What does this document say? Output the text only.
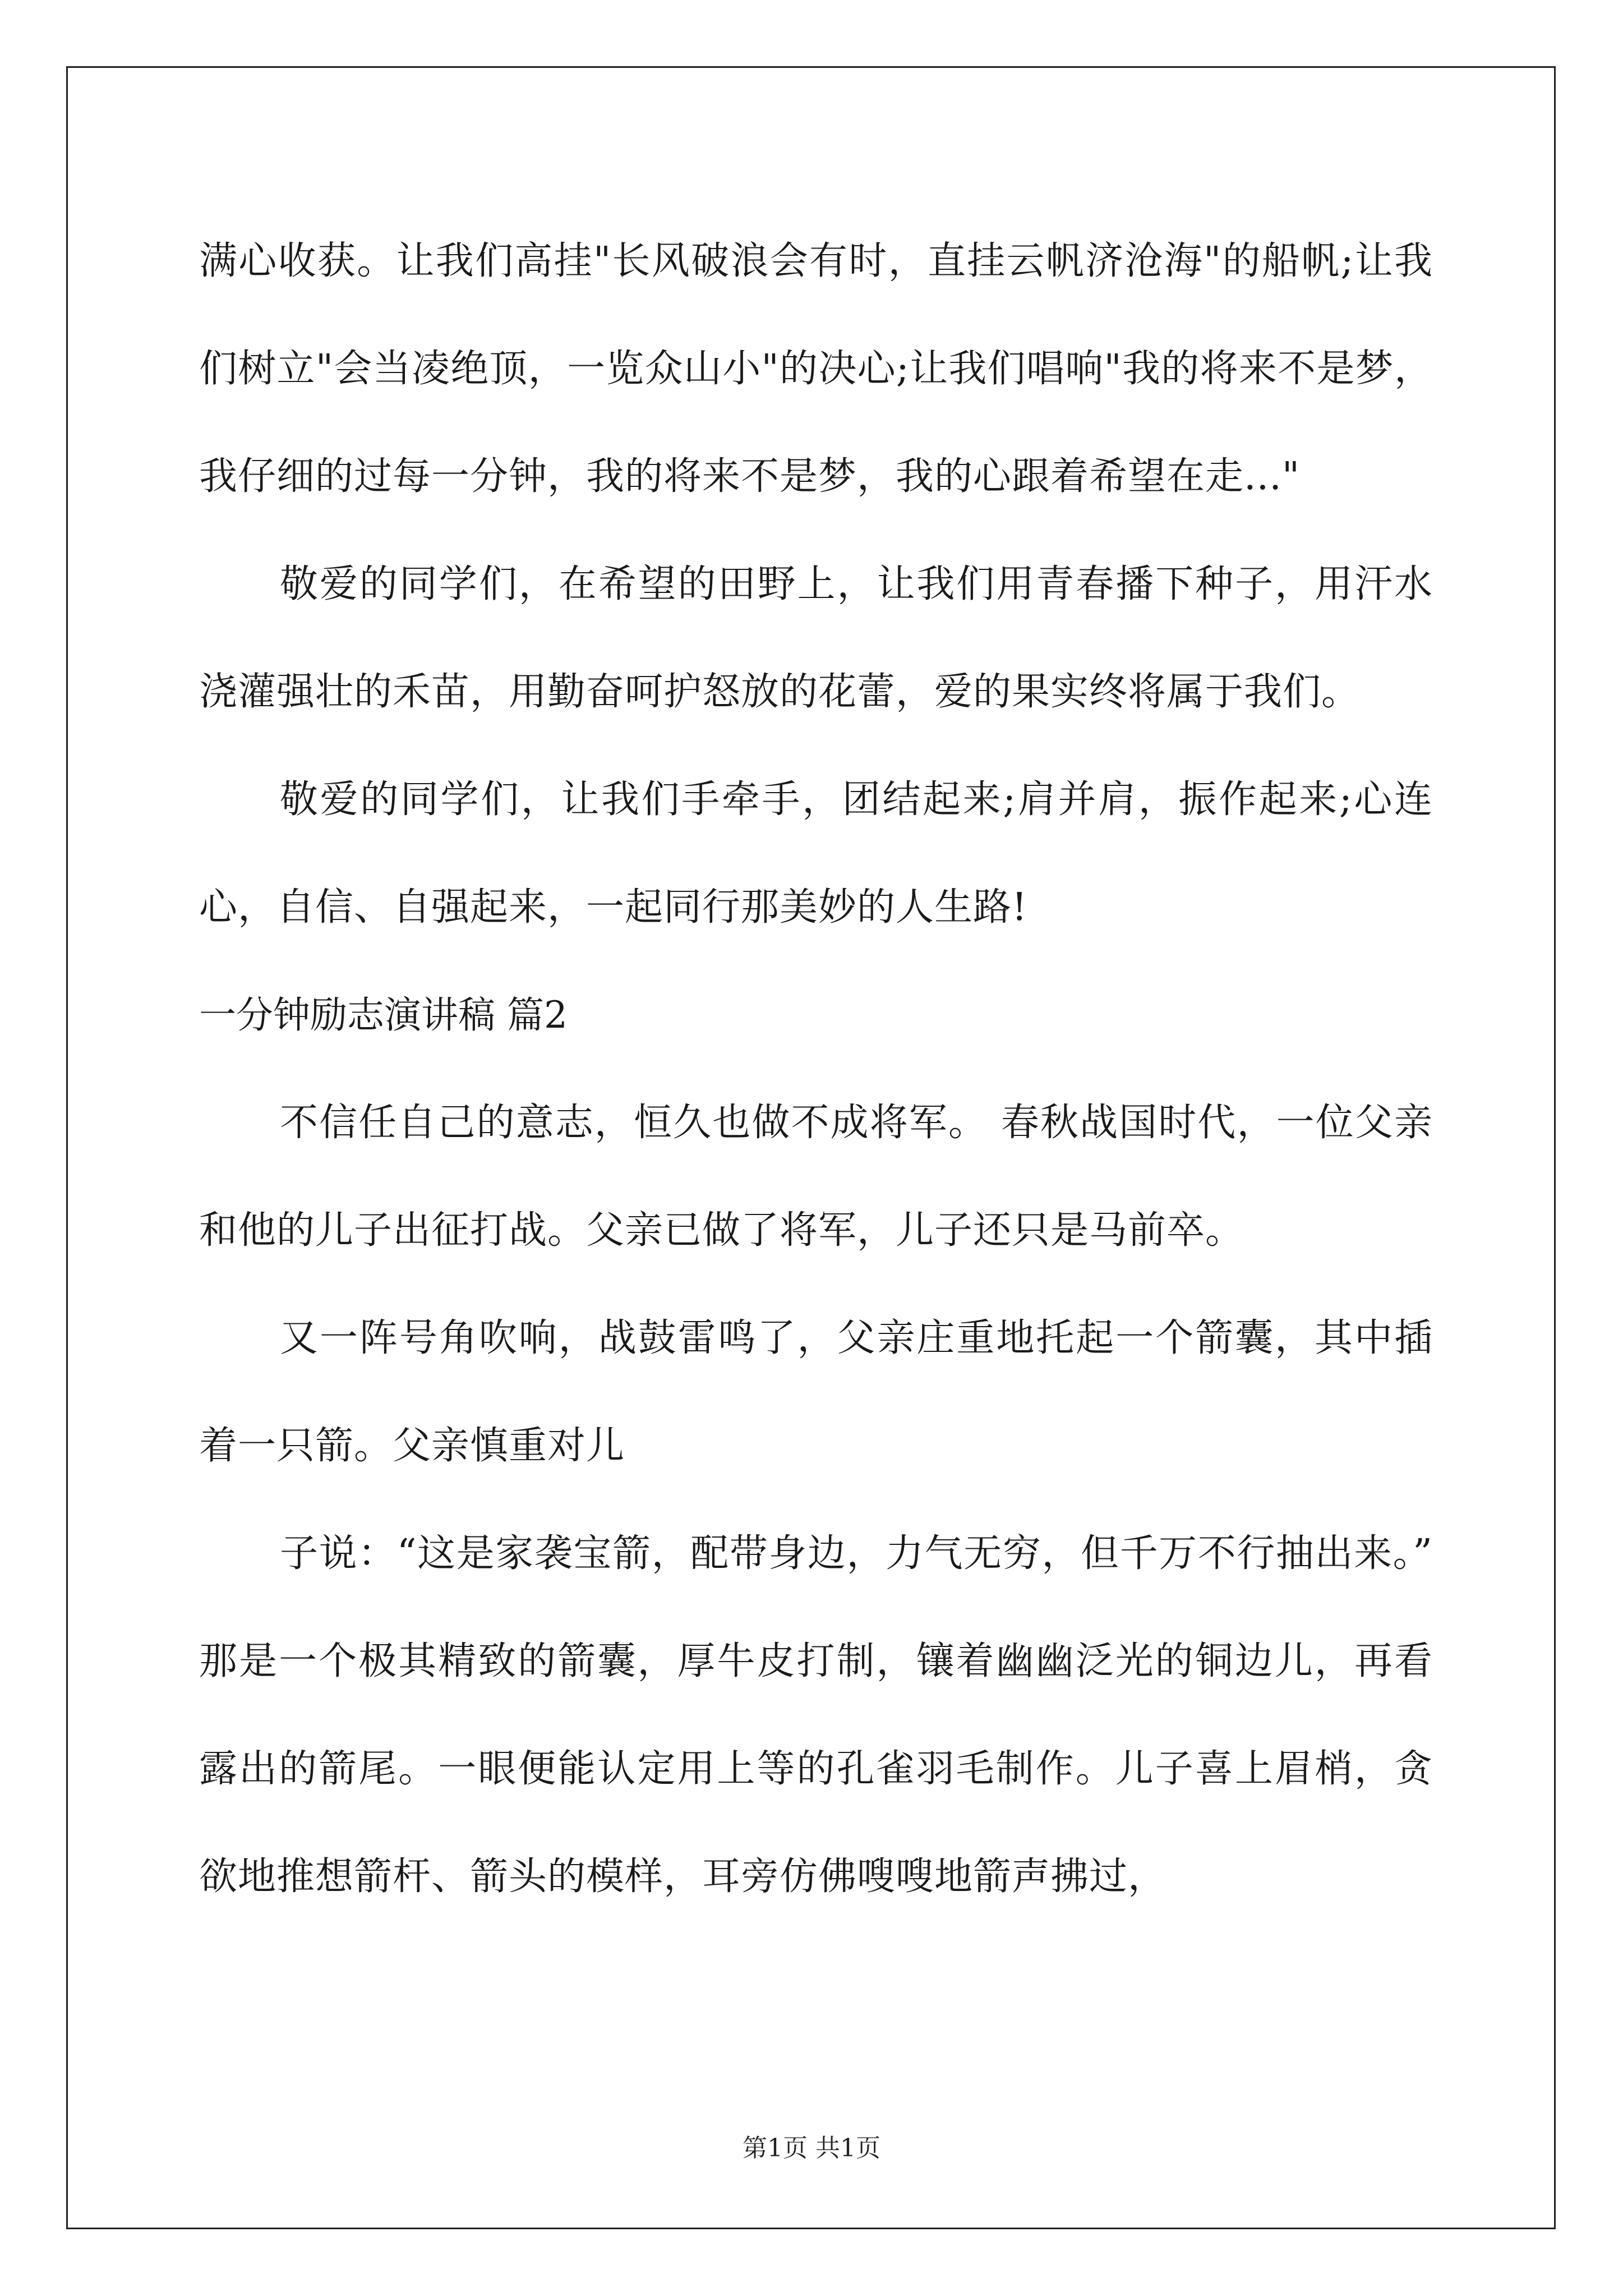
满心收获。让我们高挂"长风破浪会有时，直挂云帆济沧海"的船帆;让我们树立"会当凌绝顶，一览众山小"的决心;让我们唱响"我的将来不是梦，我仔细的过每一分钟，我的将来不是梦，我的心跟着希望在走..."

敬爱的同学们，在希望的田野上，让我们用青春播下种子，用汗水浇灌强壮的禾苗，用勤奋呵护怒放的花蕾，爱的果实终将属于我们。

敬爱的同学们，让我们手牵手，团结起来;肩并肩，振作起来;心连心，自信、自强起来，一起同行那美妙的人生路!

一分钟励志演讲稿 篇2

不信任自己的意志，恒久也做不成将军。 春秋战国时代，一位父亲和他的儿子出征打战。父亲已做了将军，儿子还只是马前卒。

又一阵号角吹响，战鼓雷鸣了，父亲庄重地托起一个箭囊，其中插着一只箭。父亲慎重对儿

子说：“这是家袭宝箭，配带身边，力气无穷，但千万不行抽出来。” 那是一个极其精致的箭囊，厚牛皮打制，镶着幽幽泛光的铜边儿，再看露出的箭尾。一眼便能认定用上等的孔雀羽毛制作。儿子喜上眉梢，贪欲地推想箭杆、箭头的模样，耳旁仿佛嗖嗖地箭声拂过，

第1页 共1页
